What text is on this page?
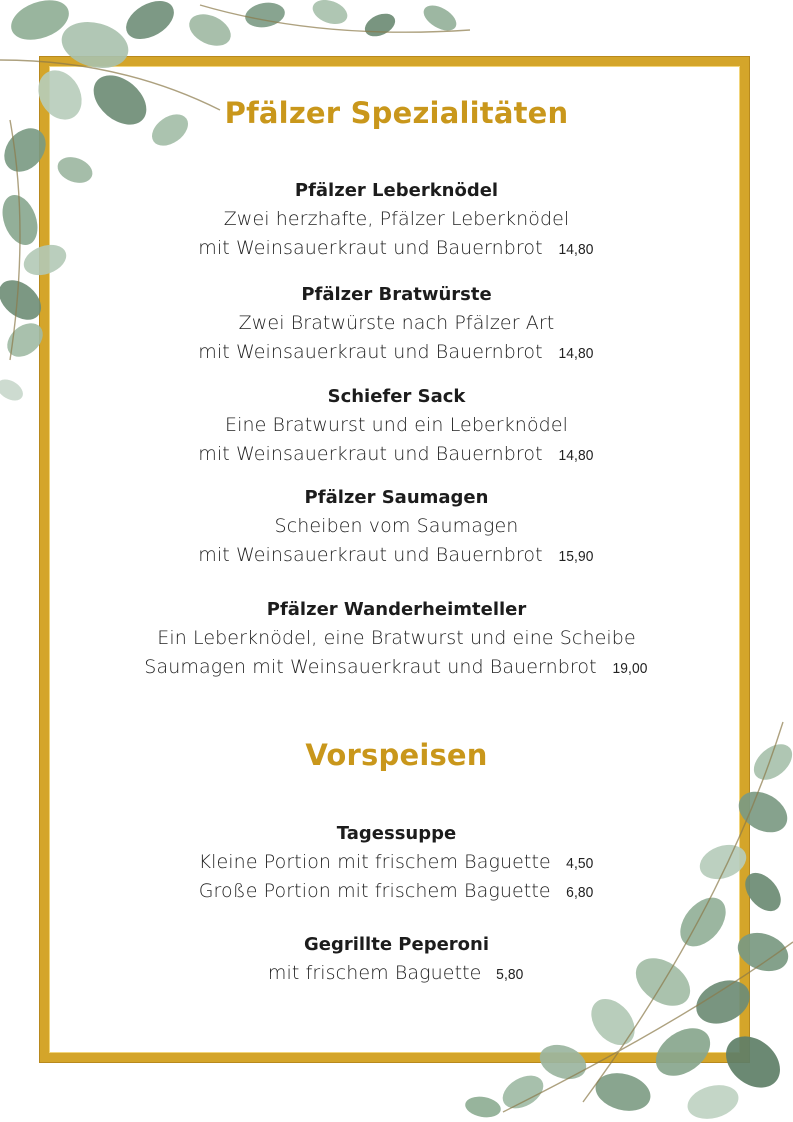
Pfälzer Spezialitäten
Pfälzer Leberknödel
Zwei herzhafte, Pfälzer Leberknödel
mit Weinsauerkraut und Bauernbrot 14,80
Pfälzer Bratwürste
Zwei Bratwürste nach Pfälzer Art
mit Weinsauerkraut und Bauernbrot 14,80
Schiefer Sack
Eine Bratwurst und ein Leberknödel
mit Weinsauerkraut und Bauernbrot 14,80
Pfälzer Saumagen
Scheiben vom Saumagen
mit Weinsauerkraut und Bauernbrot 15,90
Pfälzer Wanderheimteller
Ein Leberknödel, eine Bratwurst und eine Scheibe
Saumagen mit Weinsauerkraut und Bauernbrot 19,00
Vorspeisen
Tagessuppe
Kleine Portion mit frischem Baguette 4,50
Große Portion mit frischem Baguette 6,80
Gegrillte Peperoni
mit frischem Baguette 5,80
